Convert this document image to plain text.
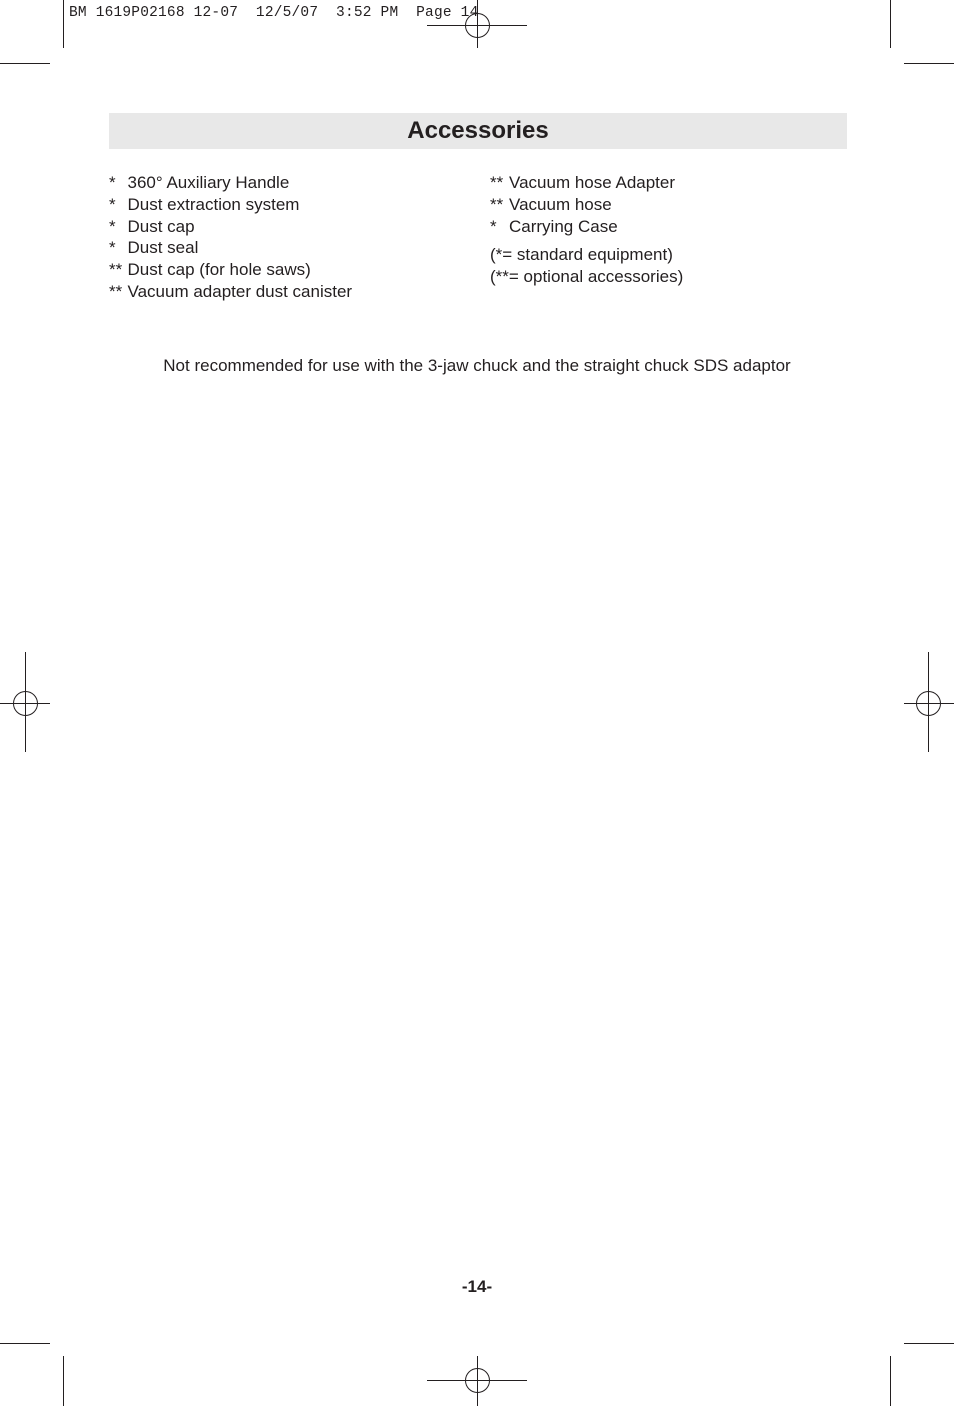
BM 1619P02168 12-07  12/5/07  3:52 PM  Page 14
Accessories
* 360° Auxiliary Handle
* Dust extraction system
* Dust cap
* Dust seal
** Dust cap (for hole saws)
** Vacuum adapter dust canister
** Vacuum hose Adapter
** Vacuum hose
* Carrying Case
(*= standard equipment)
(**= optional accessories)
Not recommended for use with the 3-jaw chuck and the straight chuck SDS adaptor
-14-
